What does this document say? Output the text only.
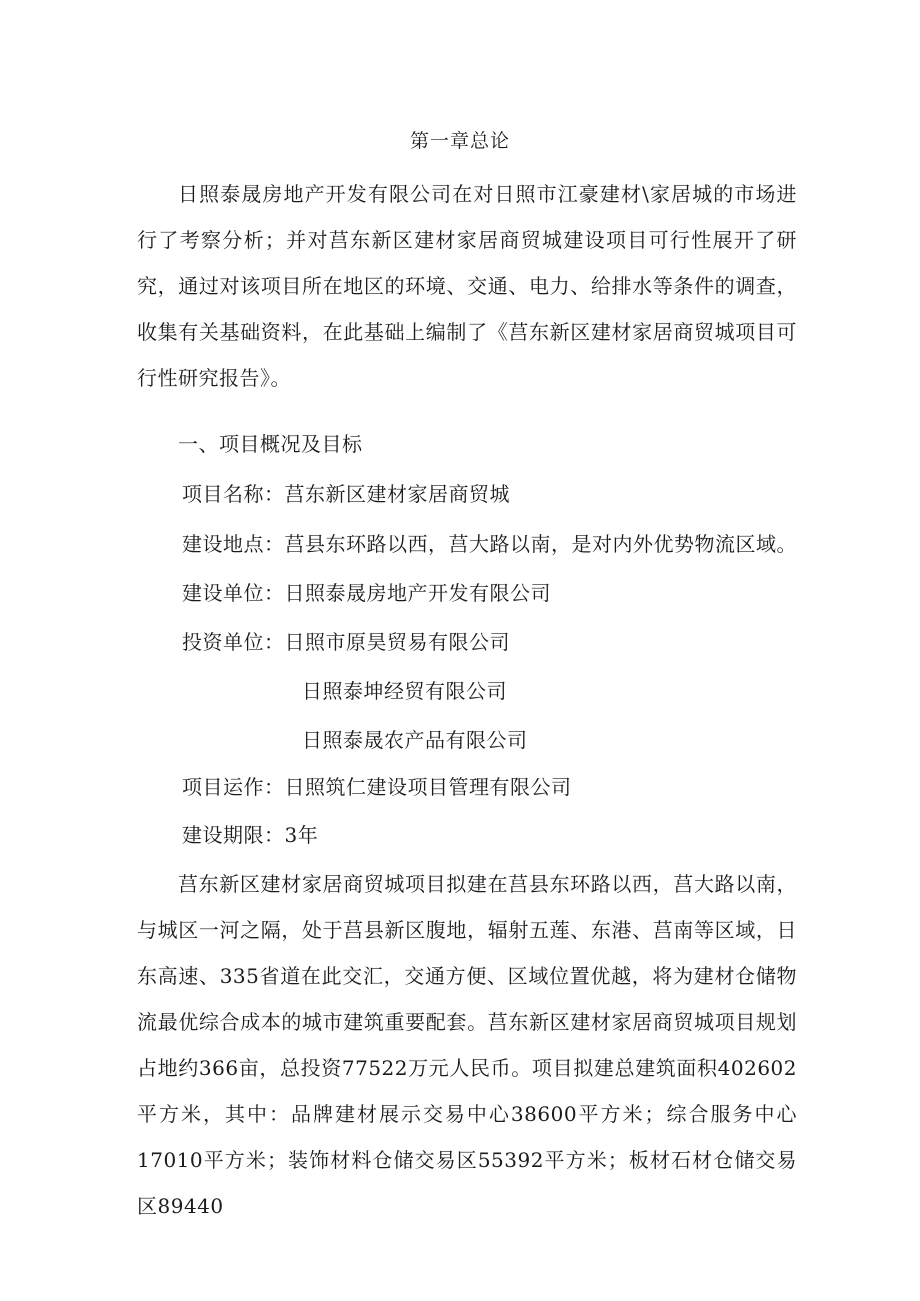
第一章总论

日照泰晟房地产开发有限公司在对日照市江豪建材\家居城的市场进行了考察分析；并对莒东新区建材家居商贸城建设项目可行性展开了研究，通过对该项目所在地区的环境、交通、电力、给排水等条件的调查，收集有关基础资料，在此基础上编制了《莒东新区建材家居商贸城项目可行性研究报告》。

一、项目概况及目标

项目名称：莒东新区建材家居商贸城

建设地点：莒县东环路以西，莒大路以南，是对内外优势物流区域。

建设单位：日照泰晟房地产开发有限公司

投资单位：日照市原昊贸易有限公司

日照泰坤经贸有限公司

日照泰晟农产品有限公司

项目运作：日照筑仁建设项目管理有限公司

建设期限：3年

莒东新区建材家居商贸城项目拟建在莒县东环路以西，莒大路以南，与城区一河之隔，处于莒县新区腹地，辐射五莲、东港、莒南等区域，日东高速、335省道在此交汇，交通方便、区域位置优越，将为建材仓储物流最优综合成本的城市建筑重要配套。莒东新区建材家居商贸城项目规划占地约366亩，总投资77522万元人民币。项目拟建总建筑面积402602平方米，其中：品牌建材展示交易中心38600平方米；综合服务中心17010平方米；装饰材料仓储交易区55392平方米；板材石材仓储交易区89440
